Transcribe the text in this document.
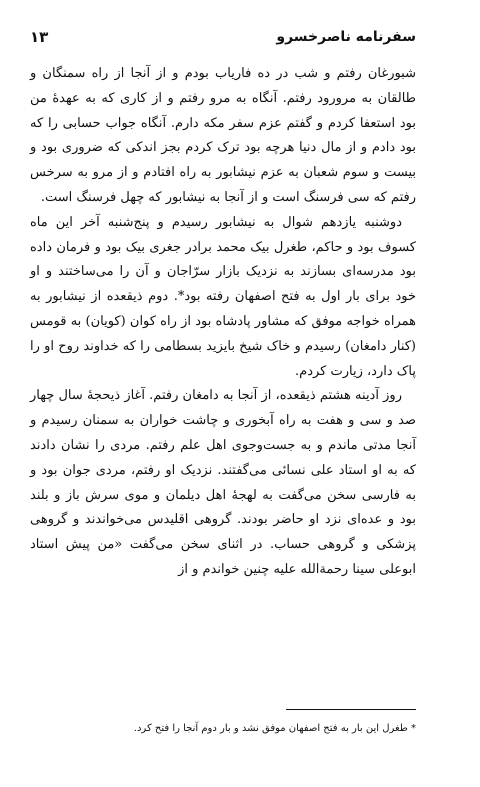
سفرنامه ناصرخسرو
۱۳

شبورغان رفتم و شب در ده فاریاب بودم و از آنجا از راه سمنگان و طالقان به مرورود رفتم. آنگاه به مرو رفتم و از کاری که به عهدهٔ من بود استعفا کردم و گفتم عزم سفر مکه دارم. آنگاه جواب حسابی را که بود دادم و از مال دنیا هرچه بود ترک کردم بجز اندکی که ضروری بود و بیست و سوم شعبان به عزم نیشابور به راه افتادم و از مرو به سرخس رفتم که سی فرسنگ است و از آنجا به نیشابور که چهل فرسنگ است.

دوشنبه یازدهم شوال به نیشابور رسیدم و پنج‌شنبه آخر این ماه کسوف بود و حاکم، طغرل بیک محمد برادر جغری بیک بود و فرمان داده بود مدرسه‌ای بسازند به نزدیک بازار سرّاجان و آن را می‌ساختند و او خود برای بار اول به فتح اصفهان رفته بود*. دوم ذیقعده از نیشابور به همراه خواجه موفق که مشاور پادشاه بود از راه کوان (کویان) به قومس (کنار دامغان) رسیدم و خاک شیخ بایزید بسطامی را که خداوند روح او را پاک دارد، زیارت کردم.

روز آدینه هشتم ذیقعده، از آنجا به دامغان رفتم. آغاز ذیحجهٔ سال چهار صد و سی و هفت به راه آبخوری و چاشت خواران به سمنان رسیدم و آنجا مدتی ماندم و به جست‌وجوی اهل علم رفتم. مردی را نشان دادند که به او استاد علی نسائی می‌گفتند. نزدیک او رفتم، مردی جوان بود و به فارسی سخن می‌گفت به لهجهٔ اهل دیلمان و موی سرش باز و بلند بود و عده‌ای نزد او حاضر بودند. گروهی اقلیدس می‌خواندند و گروهی پزشکی و گروهی حساب. در اثنای سخن می‌گفت «من پیش استاد ابوعلی سینا رحمةالله علیه چنین خواندم و از

* طغرل این بار به فتح اصفهان موفق نشد و بار دوم آنجا را فتح کرد.
